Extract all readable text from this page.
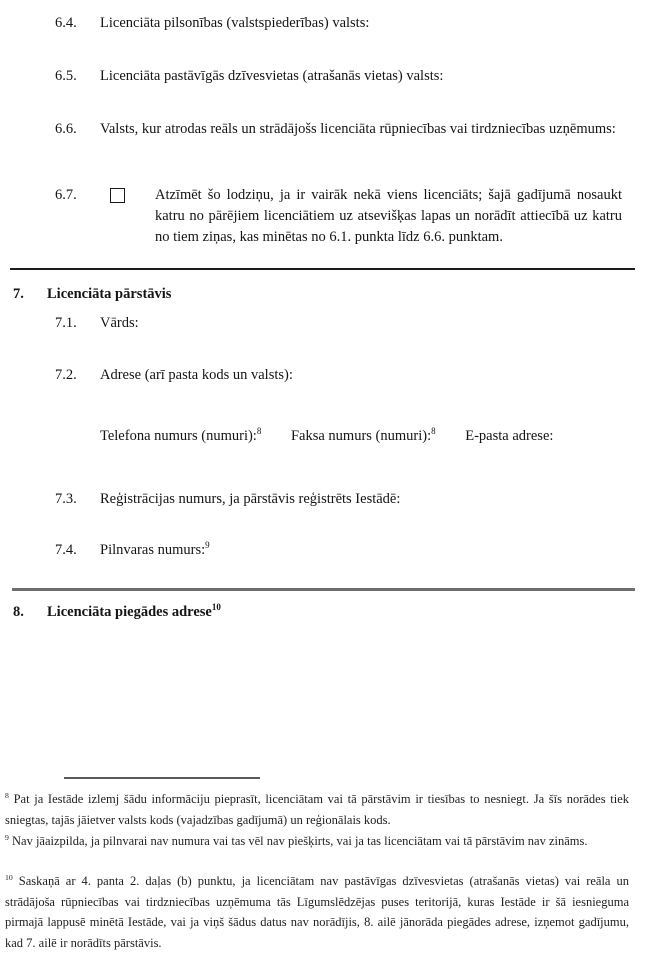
6.4. Licenciāta pilsonības (valstspiederības) valsts:
6.5. Licenciāta pastāvīgās dzīvesvietas (atrašanās vietas) valsts:
6.6. Valsts, kur atrodas reāls un strādājošs licenciāta rūpniecības vai tirdzniecības uzņēmums:
6.7.	Atzīmēt šo lodziņu, ja ir vairāk nekā viens licenciāts; šajā gadījumā nosaukt katru no pārējiem licenciātiem uz atsevišķas lapas un norādīt attiecībā uz katru no tiem ziņas, kas minētas no 6.1. punkta līdz 6.6. punktam.
7. Licenciāta pārstāvis
7.1. Vārds:
7.2. Adrese (arī pasta kods un valsts):
Telefona numurs (numuri):$^8$ Faksa numurs (numuri):$^8$ E-pasta adrese:
7.3. Reģistrācijas numurs, ja pārstāvis reģistrēts Iestādē:
7.4. Pilnvaras numurs:$^9$
8. Licenciāta piegādes adrese$^{10}$
$^8$ Pat ja Iestāde izlemj šādu informāciju pieprasīt, licenciātam vai tā pārstāvim ir tiesības to nesniegt. Ja šīs norādes tiek sniegtas, tajās jāietver valsts kods (vajadzības gadījumā) un reģionālais kods.
$^9$ Nav jāaizpilda, ja pilnvarai nav numura vai tas vēl nav piešķirts, vai ja tas licenciātam vai tā pārstāvim nav zināms.
$^{10}$ Saskaņā ar 4. panta 2. daļas (b) punktu, ja licenciātam nav pastāvīgas dzīvesvietas (atrašanās vietas) vai reāla un strādājoša rūpniecības vai tirdzniecības uzņēmuma tās Līgumslēdzējas puses teritorijā, kuras Iestāde ir šā iesnieguma pirmajā lappusē minētā Iestāde, vai ja viņš šādus datus nav norādījis, 8. ailē jānorāda piegādes adrese, izņemot gadījumu, kad 7. ailē ir norādīts pārstāvis.
